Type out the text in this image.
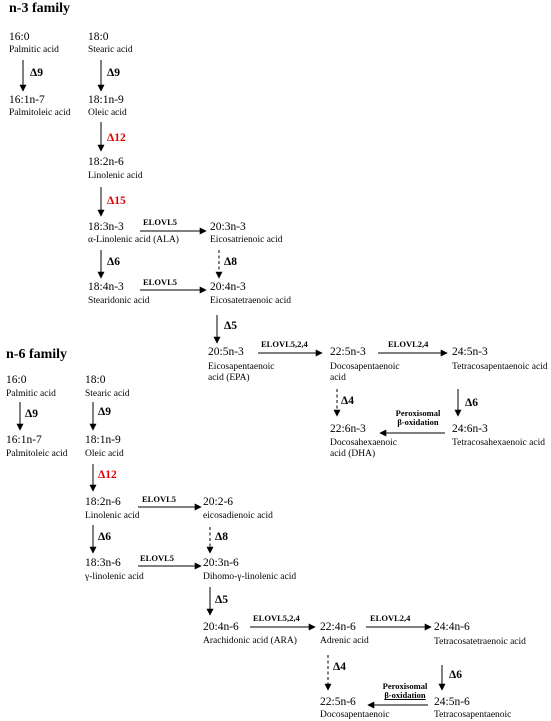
n-3 family
16:0
Palmitic acid
18:0
Stearic acid
Δ9	Δ9
16:1n-7
Palmitoleic acid
18:1n-9
Oleic acid
Δ12
18:2n-6
Linolenic acid
Δ15
18:3n-3
α-Linolenic acid (ALA)
ELOVL5	20:3n-3
Eicosatrienoic acid
Δ6	Δ8
18:4n-3
Stearidonic acid
ELOVL5	20:4n-3
Eicosatetraenoic acid
Δ5
20:5n-3
Eicosapentaenoic acid (EPA)
ELOVL5,2,4
22:5n-3
Docosapentaenoic acid
ELOVL2,4
24:5n-3
Tetracosapentaenoic acid
Δ4	Δ6
Peroxisomal
β-oxidation
22:6n-3
Docosahexaenoic acid (DHA)
24:6n-3
Tetracosahexaenoic acid
n-6 family
16:0
Palmitic acid
18:0
Stearic acid
Δ9	Δ9
16:1n-7
Palmitoleic acid
18:1n-9
Oleic acid
Δ12
18:2n-6
Linolenic acid
ELOVL5 20:2-6
eicosadienoic acid
Δ6	Δ8
18:3n-6
γ-linolenic acid
ELOVL5	20:3n-6
Dihomo-γ-linolenic acid
Δ5
20:4n-6
Arachidonic acid (ARA)
ELOVL5,2,4
22:4n-6
Adrenic acid
ELOVL2,4
24:4n-6
Tetracosatetraenoic acid
Δ4
Δ6
Peroxisomal
β-oxidation
22:5n-6
Docosapentaenoic
24:5n-6
Tetracosapentaenoic
